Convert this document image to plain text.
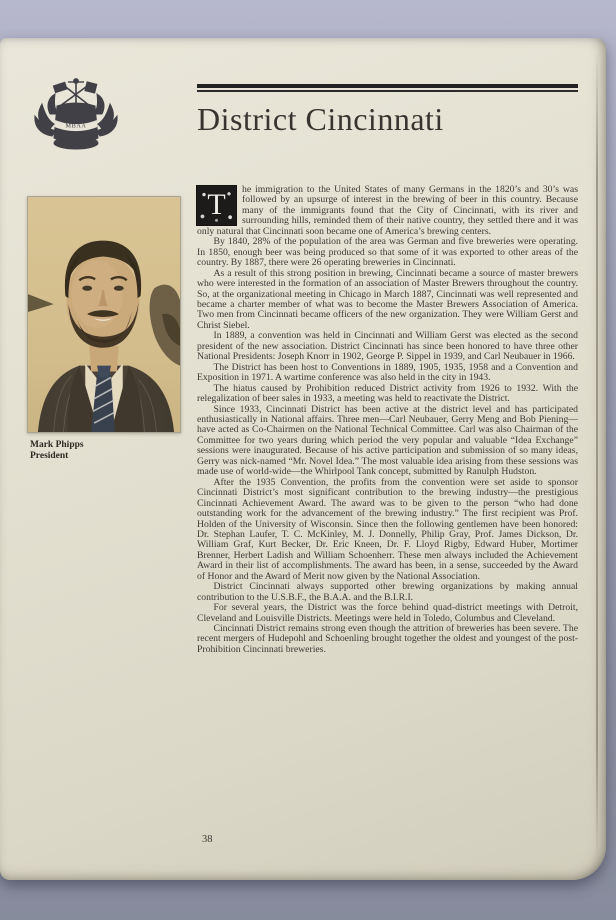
MBAA	District Cincinnati
Mark Phipps
President

T	he immigration to the United States of many Germans in the 1820’s and 30’s was followed by an upsurge of interest in the brewing of beer in this country. Because many of the immigrants found that the City of Cincinnati, with its river and surrounding hills, reminded them of their native country, they settled there and it was only natural that Cincinnati soon became one of America’s brewing centers.

By 1840, 28% of the population of the area was German and five breweries were operating. In 1850, enough beer was being produced so that some of it was exported to other areas of the country. By 1887, there were 26 operating breweries in Cincinnati.

As a result of this strong position in brewing, Cincinnati became a source of master brewers who were interested in the formation of an association of Master Brewers throughout the country. So, at the organizational meeting in Chicago in March 1887, Cincinnati was well represented and became a charter member of what was to become the Master Brewers Association of America. Two men from Cincinnati became officers of the new organization. They were William Gerst and Christ Siebel.

In 1889, a convention was held in Cincinnati and William Gerst was elected as the second president of the new association. District Cincinnati has since been honored to have three other National Presidents: Joseph Knorr in 1902, George P. Sippel in 1939, and Carl Neubauer in 1966.

The District has been host to Conventions in 1889, 1905, 1935, 1958 and a Convention and Exposition in 1971. A wartime conference was also held in the city in 1943.

The hiatus caused by Prohibition reduced District activity from 1926 to 1932. With the relegalization of beer sales in 1933, a meeting was held to reactivate the District.

Since 1933, Cincinnati District has been active at the district level and has participated enthusiastically in National affairs. Three men—Carl Neubauer, Gerry Meng and Bob Piening—have acted as Co-Chairmen on the National Technical Committee. Carl was also Chairman of the Committee for two years during which period the very popular and valuable “Idea Exchange” sessions were inaugurated. Because of his active participation and submission of so many ideas, Gerry was nick-named “Mr. Novel Idea.” The most valuable idea arising from these sessions was made use of world-wide—the Whirlpool Tank concept, submitted by Ranulph Hudston.

After the 1935 Convention, the profits from the convention were set aside to sponsor Cincinnati District’s most significant contribution to the brewing industry—the prestigious Cincinnati Achievement Award. The award was to be given to the person “who had done outstanding work for the advancement of the brewing industry.” The first recipient was Prof. Holden of the University of Wisconsin. Since then the following gentlemen have been honored: Dr. Stephan Laufer, T. C. McKinley, M. J. Donnelly, Philip Gray, Prof. James Dickson, Dr. William Graf, Kurt Becker, Dr. Eric Kneen, Dr. F. Lloyd Rigby, Edward Huber, Mortimer Brenner, Herbert Ladish and William Schoenherr. These men always included the Achievement Award in their list of accomplishments. The award has been, in a sense, succeeded by the Award of Honor and the Award of Merit now given by the National Association.

District Cincinnati always supported other brewing organizations by making annual contribution to the U.S.B.F., the B.A.A. and the B.I.R.I.

For several years, the District was the force behind quad-district meetings with Detroit, Cleveland and Louisville Districts. Meetings were held in Toledo, Columbus and Cleveland.

Cincinnati District remains strong even though the attrition of breweries has been severe. The recent mergers of Hudepohl and Schoenling brought together the oldest and youngest of the post-Prohibition Cincinnati breweries.

38
